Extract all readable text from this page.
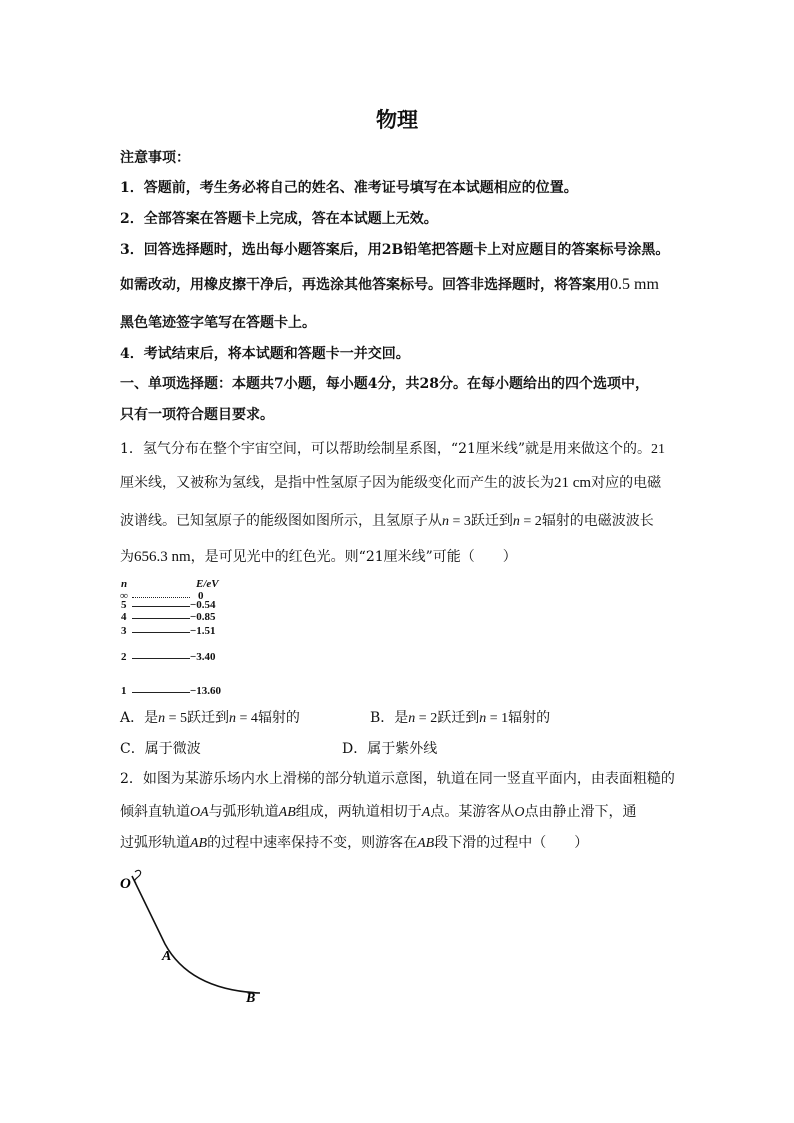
物理
注意事项：
1．答题前，考生务必将自己的姓名、准考证号填写在本试题相应的位置。
2．全部答案在答题卡上完成，答在本试题上无效。
3．回答选择题时，选出每小题答案后，用2B铅笔把答题卡上对应题目的答案标号涂黑。
如需改动，用橡皮擦干净后，再选涂其他答案标号。回答非选择题时，将答案用0.5 mm
黑色笔迹签字笔写在答题卡上。
4．考试结束后，将本试题和答题卡一并交回。
一、单项选择题：本题共7小题，每小题4分，共28分。在每小题给出的四个选项中，
只有一项符合题目要求。
1．氢气分布在整个宇宙空间，可以帮助绘制星系图，“21厘米线”就是用来做这个的。21
厘米线，又被称为氢线，是指中性氢原子因为能级变化而产生的波长为21 cm对应的电磁
波谱线。已知氢原子的能级图如图所示，且氢原子从n = 3跃迁到n = 2辐射的电磁波波长
为656.3 nm，是可见光中的红色光。则“21厘米线”可能（　　）
n	E/eV
∞	0
5	−0.54
4	−0.85
3	−1.51
2	−3.40
1	−13.60
A．是n = 5跃迁到n = 4辐射的	B．是n = 2跃迁到n = 1辐射的
C．属于微波	D．属于紫外线
2．如图为某游乐场内水上滑梯的部分轨道示意图，轨道在同一竖直平面内，由表面粗糙的
倾斜直轨道OA与弧形轨道AB组成，两轨道相切于A点。某游客从O点由静止滑下，通
过弧形轨道AB的过程中速率保持不变，则游客在AB段下滑的过程中（　　）
O
A
B
